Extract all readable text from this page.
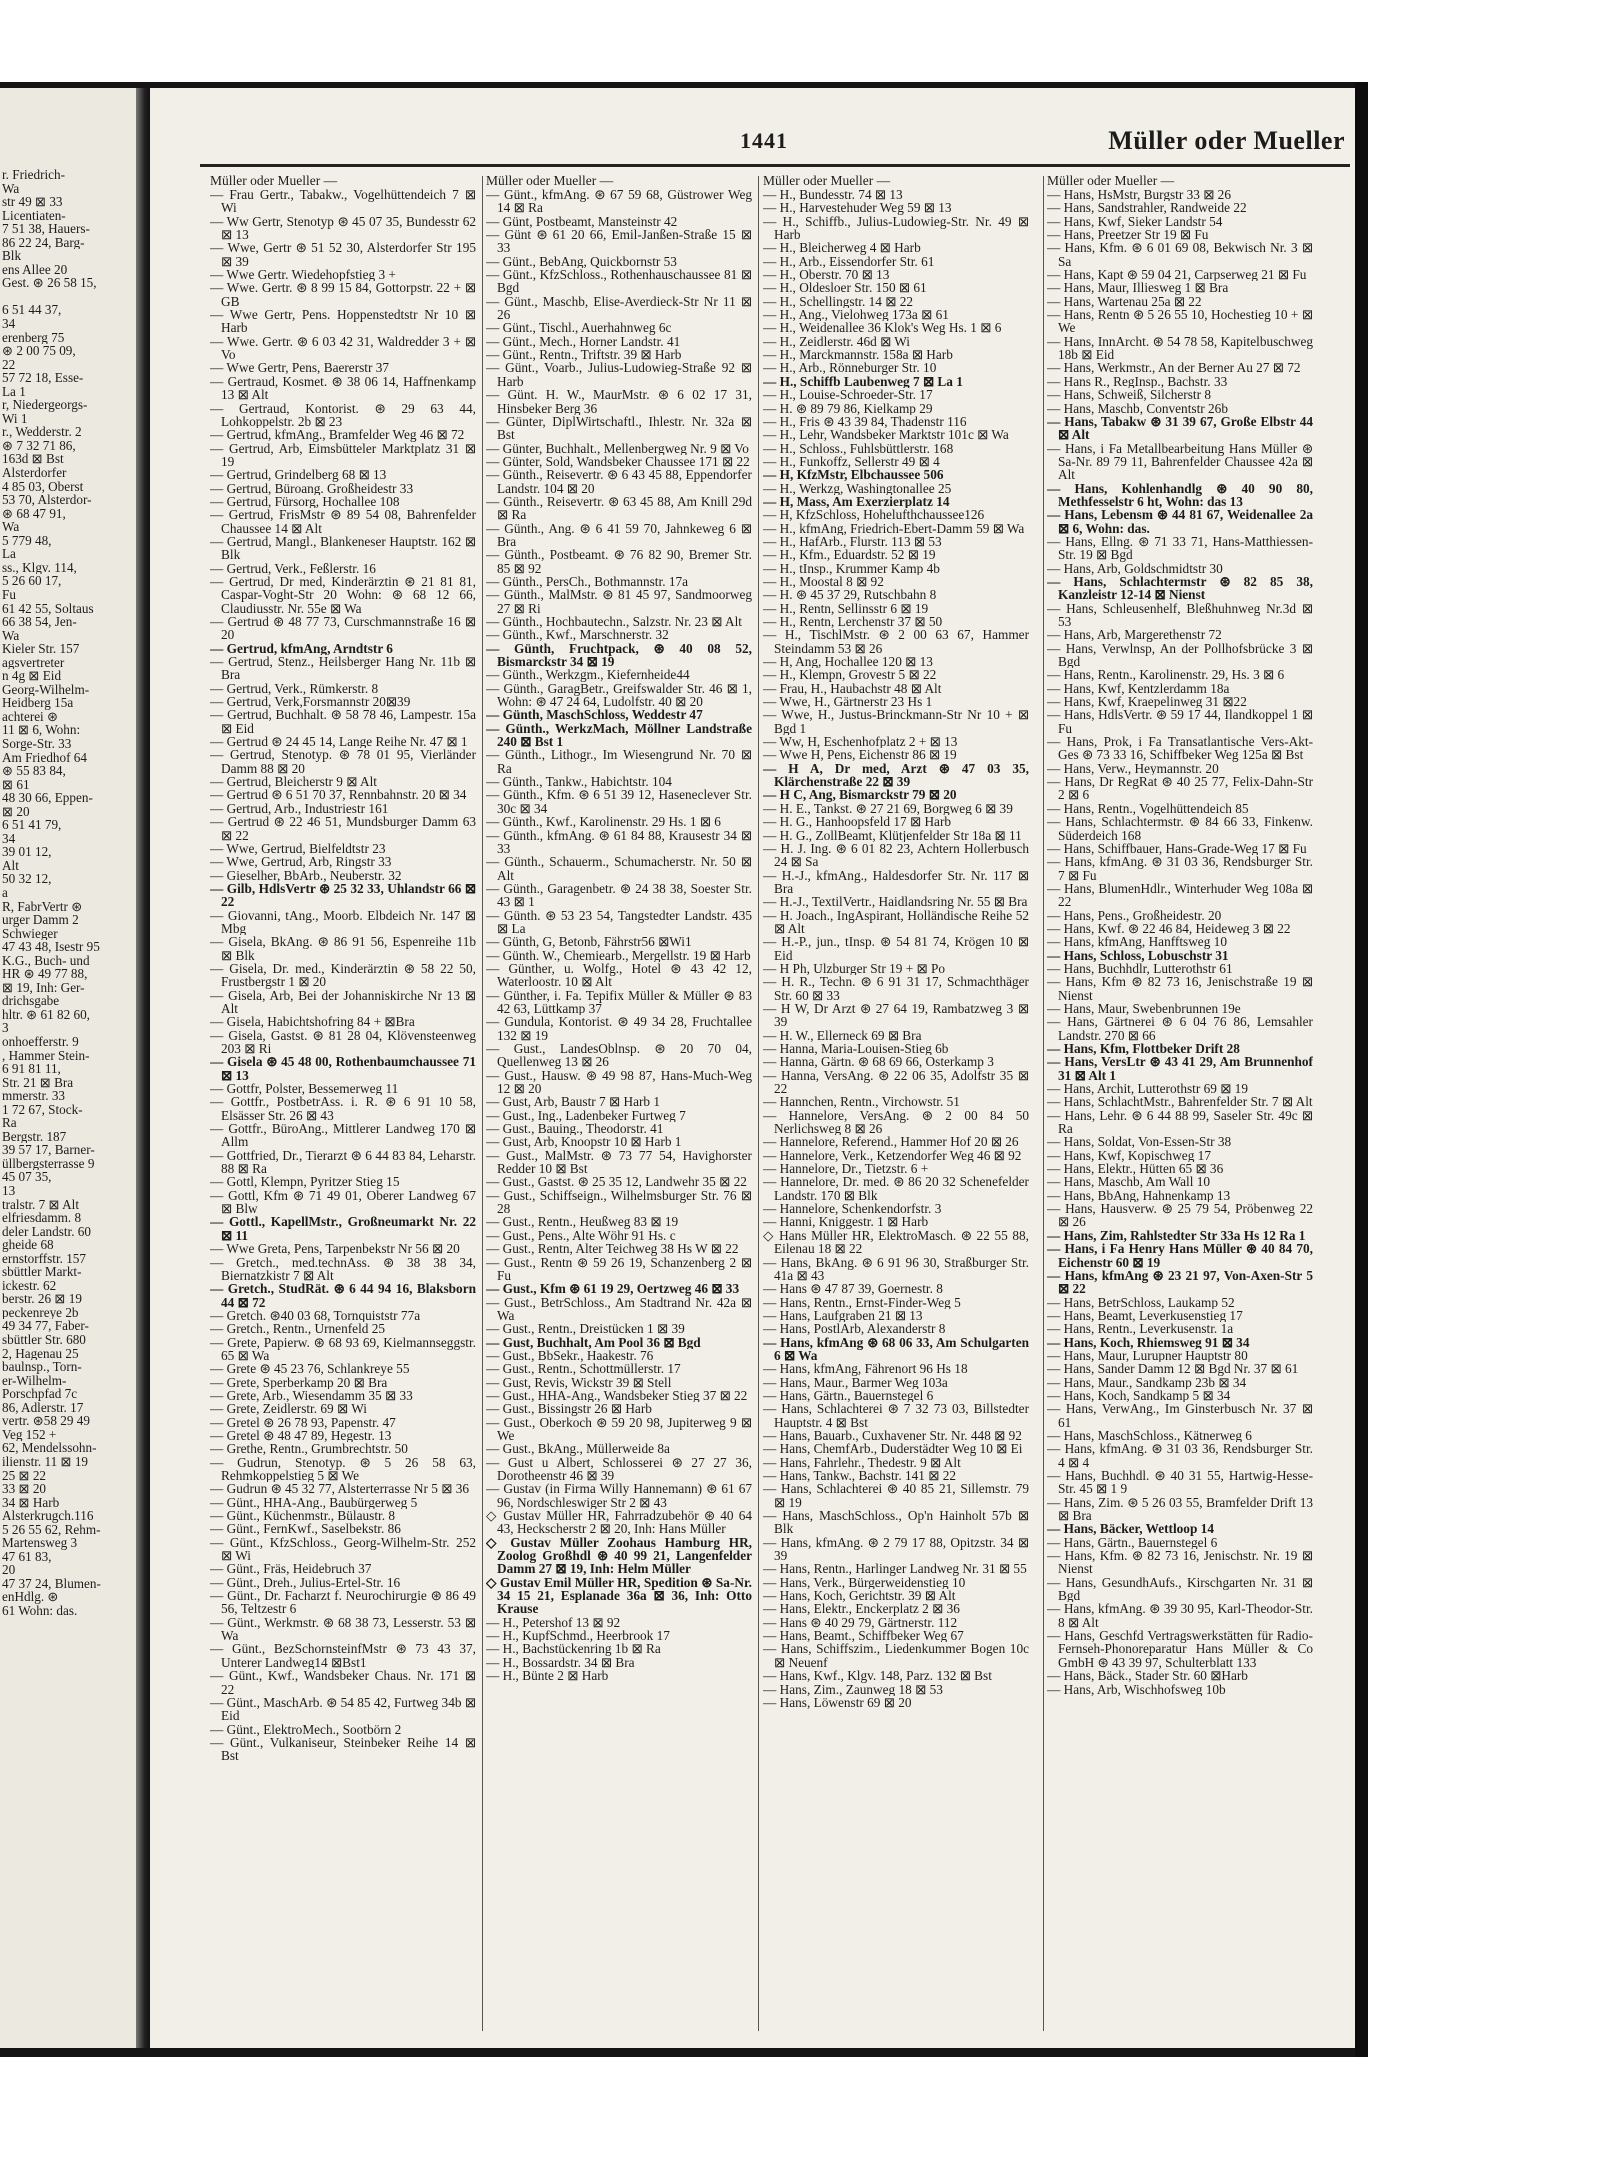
r. Friedrich-
Wa
str 49 ⊠ 33
Licentiaten-
7 51 38, Hauers-
86 22 24, Barg-
Blk
ens Allee 20
Gest. ⊛ 26 58 15,

6 51 44 37,
34
erenberg 75
⊛ 2 00 75 09,
22
57 72 18, Esse-
La 1
r, Niedergeorgs-
Wi 1
r., Wedderstr. 2
⊛ 7 32 71 86,
163d ⊠ Bst
Alsterdorfer
4 85 03, Oberst
53 70, Alsterdor-
⊛ 68 47 91,
Wa
5 779 48,
La
ss., Klgv. 114,
5 26 60 17,
Fu
61 42 55, Soltaus
66 38 54, Jen-
Wa
Kieler Str. 157
agsvertreter
n 4g ⊠ Eid
Georg-Wilhelm-
Heidberg 15a
achterei ⊛
11 ⊠ 6, Wohn:
Sorge-Str. 33
Am Friedhof 64
⊛ 55 83 84,
⊠ 61
48 30 66, Eppen-
⊠ 20
6 51 41 79,
34
39 01 12,
Alt
50 32 12,
a
R, FabrVertr ⊛
urger Damm 2
Schwieger
47 43 48, Isestr 95
K.G., Buch- und
HR ⊛ 49 77 88,
⊠ 19, Inh: Ger-
drichsgabe
hltr. ⊛ 61 82 60,
3
onhoefferstr. 9
, Hammer Stein-
6 91 81 11,
Str. 21 ⊠ Bra
mmerstr. 33
1 72 67, Stock-
Ra
Bergstr. 187
39 57 17, Barner-
üllbergsterrasse 9
45 07 35,
13
tralstr. 7 ⊠ Alt
elfriesdamm. 8
deler Landstr. 60
gheide 68
ernstorffstr. 157
sbüttler Markt-
ickestr. 62
berstr. 26 ⊠ 19
peckenreye 2b
49 34 77, Faber-
sbüttler Str. 680
2, Hagenau 25
baulnsp., Torn-
er-Wilhelm-
Porschpfad 7c
86, Adlerstr. 17
vertr. ⊛58 29 49
Veg 152 +
62, Mendelssohn-
ilienstr. 11 ⊠ 19
25 ⊠ 22
33 ⊠ 20
34 ⊠ Harb
Alsterkrugch.116
5 26 55 62, Rehm-
Martensweg 3
47 61 83,
20
47 37 24, Blumen-
enHdlg. ⊛
61 Wohn: das.
1441	Müller oder Mueller
Müller oder Mueller —
— Frau Gertr., Tabakw., Vogelhüttendeich 7 ⊠ Wi
— Ww Gertr, Stenotyp ⊛ 45 07 35, Bundesstr 62 ⊠ 13
— Wwe, Gertr ⊛ 51 52 30, Alsterdorfer Str 195 ⊠ 39
— Wwe Gertr. Wiedehopfstieg 3 +
— Wwe. Gertr. ⊛ 8 99 15 84, Gottorpstr. 22 + ⊠ GB
— Wwe Gertr, Pens. Hoppenstedtstr Nr 10 ⊠ Harb
— Wwe. Gertr. ⊛ 6 03 42 31, Waldredder 3 + ⊠ Vo
— Wwe Gertr, Pens, Baererstr 37
— Gertraud, Kosmet. ⊛ 38 06 14, Haffnenkamp 13 ⊠ Alt
— Gertraud, Kontorist. ⊛ 29 63 44, Lohkoppelstr. 2b ⊠ 23
— Gertrud, kfmAng., Bramfelder Weg 46 ⊠ 72
— Gertrud, Arb, Eimsbütteler Marktplatz 31 ⊠ 19
— Gertrud, Grindelberg 68 ⊠ 13
— Gertrud, Büroang. Großheidestr 33
— Gertrud, Fürsorg, Hochallee 108
— Gertrud, FrisMstr ⊛ 89 54 08, Bahrenfelder Chaussee 14 ⊠ Alt
— Gertrud, Mangl., Blankeneser Hauptstr. 162 ⊠ Blk
— Gertrud, Verk., Feßlerstr. 16
— Gertrud, Dr med, Kinderärztin ⊛ 21 81 81, Caspar-Voght-Str 20 Wohn: ⊛ 68 12 66, Claudiusstr. Nr. 55e ⊠ Wa
— Gertrud ⊛ 48 77 73, Curschmannstraße 16 ⊠ 20
— Gertrud, kfmAng, Arndtstr 6
— Gertrud, Stenz., Heilsberger Hang Nr. 11b ⊠ Bra
— Gertrud, Verk., Rümkerstr. 8
— Gertrud, Verk,Forsmannstr 20⊠39
— Gertrud, Buchhalt. ⊛ 58 78 46, Lampestr. 15a ⊠ Eid
— Gertrud ⊛ 24 45 14, Lange Reihe Nr. 47 ⊠ 1
— Gertrud, Stenotyp. ⊛ 78 01 95, Vierländer Damm 88 ⊠ 20
— Gertrud, Bleicherstr 9 ⊠ Alt
— Gertrud ⊛ 6 51 70 37, Rennbahnstr. 20 ⊠ 34
— Gertrud, Arb., Industriestr 161
— Gertrud ⊛ 22 46 51, Mundsburger Damm 63 ⊠ 22
— Wwe, Gertrud, Bielfeldtstr 23
— Wwe, Gertrud, Arb, Ringstr 33
— Gieselher, BbArb., Neuberstr. 32
— Gilb, HdlsVertr ⊛ 25 32 33, Uhlandstr 66 ⊠ 22
— Giovanni, tAng., Moorb. Elbdeich Nr. 147 ⊠ Mbg
— Gisela, BkAng. ⊛ 86 91 56, Espenreihe 11b ⊠ Blk
— Gisela, Dr. med., Kinderärztin ⊛ 58 22 50, Frustbergstr 1 ⊠ 20
— Gisela, Arb, Bei der Johanniskirche Nr 13 ⊠ Alt
— Gisela, Habichtshofring 84 + ⊠Bra
— Gisela, Gastst. ⊛ 81 28 04, Klövensteenweg 203 ⊠ Ri
— Gisela ⊛ 45 48 00, Rothenbaumchaussee 71 ⊠ 13
— Gottfr, Polster, Bessemerweg 11
— Gottfr., PostbetrAss. i. R. ⊛ 6 91 10 58, Elsässer Str. 26 ⊠ 43
— Gottfr., BüroAng., Mittlerer Landweg 170 ⊠ Allm
— Gottfried, Dr., Tierarzt ⊛ 6 44 83 84, Leharstr. 88 ⊠ Ra
— Gottl, Klempn, Pyritzer Stieg 15
— Gottl, Kfm ⊛ 71 49 01, Oberer Landweg 67 ⊠ Blw
— Gottl., KapellMstr., Großneumarkt Nr. 22 ⊠ 11
— Wwe Greta, Pens, Tarpenbekstr Nr 56 ⊠ 20
— Gretch., med.technAss. ⊛ 38 38 34, Biernatzkistr 7 ⊠ Alt
— Gretch., StudRät. ⊛ 6 44 94 16, Blaksborn 44 ⊠ 72
— Gretch. ⊛40 03 68, Tornquiststr 77a
— Gretch., Rentn., Urnenfeld 25
— Grete, Papierw. ⊛ 68 93 69, Kielmannseggstr. 65 ⊠ Wa
— Grete ⊛ 45 23 76, Schlankreye 55
— Grete, Sperberkamp 20 ⊠ Bra
— Grete, Arb., Wiesendamm 35 ⊠ 33
— Grete, Zeidlerstr. 69 ⊠ Wi
— Gretel ⊛ 26 78 93, Papenstr. 47
— Gretel ⊛ 48 47 89, Hegestr. 13
— Grethe, Rentn., Grumbrechtstr. 50
— Gudrun, Stenotyp. ⊛ 5 26 58 63, Rehmkoppelstieg 5 ⊠ We
— Gudrun ⊛ 45 32 77, Alsterterrasse Nr 5 ⊠ 36
— Günt., HHA-Ang., Baubürgerweg 5
— Günt., Küchenmstr., Bülaustr. 8
— Günt., FernKwf., Saselbekstr. 86
— Günt., KfzSchloss., Georg-Wilhelm-Str. 252 ⊠ Wi
— Günt., Fräs, Heidebruch 37
— Günt., Dreh., Julius-Ertel-Str. 16
— Günt., Dr. Facharzt f. Neurochirurgie ⊛ 86 49 56, Teltzestr 6
— Günt., Werkmstr. ⊛ 68 38 73, Lesserstr. 53 ⊠ Wa
— Günt., BezSchornsteinfMstr ⊛ 73 43 37, Unterer Landweg14 ⊠Bst1
— Günt., Kwf., Wandsbeker Chaus. Nr. 171 ⊠ 22
— Günt., MaschArb. ⊛ 54 85 42, Furtweg 34b ⊠ Eid
— Günt., ElektroMech., Sootbörn 2
— Günt., Vulkaniseur, Steinbeker Reihe 14 ⊠ Bst
Müller oder Mueller —
— Günt., kfmAng. ⊛ 67 59 68, Güstrower Weg 14 ⊠ Ra
— Günt, Postbeamt, Mansteinstr 42
— Günt ⊛ 61 20 66, Emil-Janßen-Straße 15 ⊠ 33
— Günt., BebAng, Quickbornstr 53
— Günt., KfzSchloss., Rothenhauschaussee 81 ⊠ Bgd
— Günt., Maschb, Elise-Averdieck-Str Nr 11 ⊠ 26
— Günt., Tischl., Auerhahnweg 6c
— Günt., Mech., Horner Landstr. 41
— Günt., Rentn., Triftstr. 39 ⊠ Harb
— Günt., Voarb., Julius-Ludowieg-Straße 92 ⊠ Harb
— Günt. H. W., MaurMstr. ⊛ 6 02 17 31, Hinsbeker Berg 36
— Günter, DiplWirtschaftl., Ihlestr. Nr. 32a ⊠ Bst
— Günter, Buchhalt., Mellenbergweg Nr. 9 ⊠ Vo
— Günter, Sold, Wandsbeker Chaussee 171 ⊠ 22
— Günth., Reisevertr. ⊛ 6 43 45 88, Eppendorfer Landstr. 104 ⊠ 20
— Günth., Reisevertr. ⊛ 63 45 88, Am Knill 29d ⊠ Ra
— Günth., Ang. ⊛ 6 41 59 70, Jahnkeweg 6 ⊠ Bra
— Günth., Postbeamt. ⊛ 76 82 90, Bremer Str. 85 ⊠ 92
— Günth., PersCh., Bothmannstr. 17a
— Günth., MalMstr. ⊛ 81 45 97, Sandmoorweg 27 ⊠ Ri
— Günth., Hochbautechn., Salzstr. Nr. 23 ⊠ Alt
— Günth., Kwf., Marschnerstr. 32
— Günth, Fruchtpack, ⊛ 40 08 52, Bismarckstr 34 ⊠ 19
— Günth., Werkzgm., Kiefernheide44
— Günth., GaragBetr., Greifswalder Str. 46 ⊠ 1, Wohn: ⊛ 47 24 64, Ludolfstr. 40 ⊠ 20
— Günth, MaschSchloss, Weddestr 47
— Günth., WerkzMach, Möllner Landstraße 240 ⊠ Bst 1
— Günth., Lithogr., Im Wiesengrund Nr. 70 ⊠ Ra
— Günth., Tankw., Habichtstr. 104
— Günth., Kfm. ⊛ 6 51 39 12, Haseneclever Str. 30c ⊠ 34
— Günth., Kwf., Karolinenstr. 29 Hs. 1 ⊠ 6
— Günth., kfmAng. ⊛ 61 84 88, Krausestr 34 ⊠ 33
— Günth., Schauerm., Schumacherstr. Nr. 50 ⊠ Alt
— Günth., Garagenbetr. ⊛ 24 38 38, Soester Str. 43 ⊠ 1
— Günth. ⊛ 53 23 54, Tangstedter Landstr. 435 ⊠ La
— Günth, G, Betonb, Fährstr56 ⊠Wi1
— Günth. W., Chemiearb., Mergellstr. 19 ⊠ Harb
— Günther, u. Wolfg., Hotel ⊛ 43 42 12, Waterloostr. 10 ⊠ Alt
— Günther, i. Fa. Tepifix Müller & Müller ⊛ 83 42 63, Lüttkamp 37
— Gundula, Kontorist. ⊛ 49 34 28, Fruchtallee 132 ⊠ 19
— Gust., LandesOblnsp. ⊛ 20 70 04, Quellenweg 13 ⊠ 26
— Gust., Hausw. ⊛ 49 98 87, Hans-Much-Weg 12 ⊠ 20
— Gust, Arb, Baustr 7 ⊠ Harb 1
— Gust., Ing., Ladenbeker Furtweg 7
— Gust., Bauing., Theodorstr. 41
— Gust, Arb, Knoopstr 10 ⊠ Harb 1
— Gust., MalMstr. ⊛ 73 77 54, Havighorster Redder 10 ⊠ Bst
— Gust., Gastst. ⊛ 25 35 12, Landwehr 35 ⊠ 22
— Gust., Schiffseign., Wilhelmsburger Str. 76 ⊠ 28
— Gust., Rentn., Heußweg 83 ⊠ 19
— Gust., Pens., Alte Wöhr 91 Hs. c
— Gust., Rentn, Alter Teichweg 38 Hs W ⊠ 22
— Gust., Rentn ⊛ 59 26 19, Schanzenberg 2 ⊠ Fu
— Gust., Kfm ⊛ 61 19 29, Oertzweg 46 ⊠ 33
— Gust., BetrSchloss., Am Stadtrand Nr. 42a ⊠ Wa
— Gust., Rentn., Dreistücken 1 ⊠ 39
— Gust, Buchhalt, Am Pool 36 ⊠ Bgd
— Gust., BbSekr., Haakestr. 76
— Gust., Rentn., Schottmüllerstr. 17
— Gust, Revis, Wickstr 39 ⊠ Stell
— Gust., HHA-Ang., Wandsbeker Stieg 37 ⊠ 22
— Gust., Bissingstr 26 ⊠ Harb
— Gust., Oberkoch ⊛ 59 20 98, Jupiterweg 9 ⊠ We
— Gust., BkAng., Müllerweide 8a
— Gust u Albert, Schlosserei ⊛ 27 27 36, Dorotheenstr 46 ⊠ 39
— Gustav (in Firma Willy Hannemann) ⊛ 61 67 96, Nordschleswiger Str 2 ⊠ 43
◇ Gustav Müller HR, Fahrradzubehör ⊛ 40 64 43, Heckscherstr 2 ⊠ 20, Inh: Hans Müller
◇ Gustav Müller Zoohaus Hamburg HR, Zoolog Großhdl ⊛ 40 99 21, Langenfelder Damm 27 ⊠ 19, Inh: Helm Müller
◇ Gustav Emil Müller HR, Spedition ⊛ Sa-Nr. 34 15 21, Esplanade 36a ⊠ 36, Inh: Otto Krause
— H., Petershof 13 ⊠ 92
— H., KupfSchmd., Heerbrook 17
— H., Bachstückenring 1b ⊠ Ra
— H., Bossardstr. 34 ⊠ Bra
— H., Bünte 2 ⊠ Harb
Müller oder Mueller —
— H., Bundesstr. 74 ⊠ 13
— H., Harvestehuder Weg 59 ⊠ 13
— H., Schiffb., Julius-Ludowieg-Str. Nr. 49 ⊠ Harb
— H., Bleicherweg 4 ⊠ Harb
— H., Arb., Eissendorfer Str. 61
— H., Oberstr. 70 ⊠ 13
— H., Oldesloer Str. 150 ⊠ 61
— H., Schellingstr. 14 ⊠ 22
— H., Ang., Vielohweg 173a ⊠ 61
— H., Weidenallee 36 Klok's Weg Hs. 1 ⊠ 6
— H., Zeidlerstr. 46d ⊠ Wi
— H., Marckmannstr. 158a ⊠ Harb
— H., Arb., Rönneburger Str. 10
— H., Schiffb Laubenweg 7 ⊠ La 1
— H., Louise-Schroeder-Str. 17
— H. ⊛ 89 79 86, Kielkamp 29
— H., Fris ⊛ 43 39 84, Thadenstr 116
— H., Lehr, Wandsbeker Marktstr 101c ⊠ Wa
— H., Schloss., Fuhlsbüttlerstr. 168
— H., Funkoffz, Sellerstr 49 ⊠ 4
— H, KfzMstr, Elbchaussee 506
— H., Werkzg, Washingtonallee 25
— H, Mass, Am Exerzierplatz 14
— H, KfzSchloss, Hohelufthchaussee126
— H., kfmAng, Friedrich-Ebert-Damm 59 ⊠ Wa
— H., HafArb., Flurstr. 113 ⊠ 53
— H., Kfm., Eduardstr. 52 ⊠ 19
— H., tInsp., Krummer Kamp 4b
— H., Moostal 8 ⊠ 92
— H. ⊛ 45 37 29, Rutschbahn 8
— H., Rentn, Sellinsstr 6 ⊠ 19
— H., Rentn, Lerchenstr 37 ⊠ 50
— H., TischlMstr. ⊛ 2 00 63 67, Hammer Steindamm 53 ⊠ 26
— H, Ang, Hochallee 120 ⊠ 13
— H., Klempn, Grovestr 5 ⊠ 22
— Frau, H., Haubachstr 48 ⊠ Alt
— Wwe, H., Gärtnerstr 23 Hs 1
— Wwe, H., Justus-Brinckmann-Str Nr 10 + ⊠ Bgd 1
— Ww, H, Eschenhofplatz 2 + ⊠ 13
— Wwe H, Pens, Eichenstr 86 ⊠ 19
— H A, Dr med, Arzt ⊛ 47 03 35, Klärchenstraße 22 ⊠ 39
— H C, Ang, Bismarckstr 79 ⊠ 20
— H. E., Tankst. ⊛ 27 21 69, Borgweg 6 ⊠ 39
— H. G., Hanhoopsfeld 17 ⊠ Harb
— H. G., ZollBeamt, Klütjenfelder Str 18a ⊠ 11
— H. J. Ing. ⊛ 6 01 82 23, Achtern Hollerbusch 24 ⊠ Sa
— H.-J., kfmAng., Haldesdorfer Str. Nr. 117 ⊠ Bra
— H.-J., TextilVertr., Haidlandsring Nr. 55 ⊠ Bra
— H. Joach., IngAspirant, Holländische Reihe 52 ⊠ Alt
— H.-P., jun., tInsp. ⊛ 54 81 74, Krögen 10 ⊠ Eid
— H Ph, Ulzburger Str 19 + ⊠ Po
— H. R., Techn. ⊛ 6 91 31 17, Schmachthäger Str. 60 ⊠ 33
— H W, Dr Arzt ⊛ 27 64 19, Rambatzweg 3 ⊠ 39
— H. W., Ellerneck 69 ⊠ Bra
— Hanna, Maria-Louisen-Stieg 6b
— Hanna, Gärtn. ⊛ 68 69 66, Osterkamp 3
— Hanna, VersAng. ⊛ 22 06 35, Adolfstr 35 ⊠ 22
— Hannchen, Rentn., Virchowstr. 51
— Hannelore, VersAng. ⊛ 2 00 84 50 Nerlichsweg 8 ⊠ 26
— Hannelore, Referend., Hammer Hof 20 ⊠ 26
— Hannelore, Verk., Ketzendorfer Weg 46 ⊠ 92
— Hannelore, Dr., Tietzstr. 6 +
— Hannelore, Dr. med. ⊛ 86 20 32 Schenefelder Landstr. 170 ⊠ Blk
— Hannelore, Schenkendorfstr. 3
— Hanni, Kniggestr. 1 ⊠ Harb
◇ Hans Müller HR, ElektroMasch. ⊛ 22 55 88, Eilenau 18 ⊠ 22
— Hans, BkAng. ⊛ 6 91 96 30, Straßburger Str. 41a ⊠ 43
— Hans ⊛ 47 87 39, Goernestr. 8
— Hans, Rentn., Ernst-Finder-Weg 5
— Hans, Laufgraben 21 ⊠ 13
— Hans, PostlArb, Alexanderstr 8
— Hans, kfmAng ⊛ 68 06 33, Am Schulgarten 6 ⊠ Wa
— Hans, kfmAng, Fährenort 96 Hs 18
— Hans, Maur., Barmer Weg 103a
— Hans, Gärtn., Bauernstegel 6
— Hans, Schlachterei ⊛ 7 32 73 03, Billstedter Hauptstr. 4 ⊠ Bst
— Hans, Bauarb., Cuxhavener Str. Nr. 448 ⊠ 92
— Hans, ChemfArb., Duderstädter Weg 10 ⊠ Ei
— Hans, Fahrlehr., Thedestr. 9 ⊠ Alt
— Hans, Tankw., Bachstr. 141 ⊠ 22
— Hans, Schlachterei ⊛ 40 85 21, Sillemstr. 79 ⊠ 19
— Hans, MaschSchloss., Op'n Hainholt 57b ⊠ Blk
— Hans, kfmAng. ⊛ 2 79 17 88, Opitzstr. 34 ⊠ 39
— Hans, Rentn., Harlinger Landweg Nr. 31 ⊠ 55
— Hans, Verk., Bürgerweidenstieg 10
— Hans, Koch, Gerichtstr. 39 ⊠ Alt
— Hans, Elektr., Enckerplatz 2 ⊠ 36
— Hans ⊛ 40 29 79, Gärtnerstr. 112
— Hans, Beamt., Schiffbeker Weg 67
— Hans, Schiffszim., Liedenkummer Bogen 10c ⊠ Neuenf
— Hans, Kwf., Klgv. 148, Parz. 132 ⊠ Bst
— Hans, Zim., Zaunweg 18 ⊠ 53
— Hans, Löwenstr 69 ⊠ 20
Müller oder Mueller —
— Hans, HsMstr, Burgstr 33 ⊠ 26
— Hans, Sandstrahler, Randweide 22
— Hans, Kwf, Sieker Landstr 54
— Hans, Preetzer Str 19 ⊠ Fu
— Hans, Kfm. ⊛ 6 01 69 08, Bekwisch Nr. 3 ⊠ Sa
— Hans, Kapt ⊛ 59 04 21, Carpserweg 21 ⊠ Fu
— Hans, Maur, Illiesweg 1 ⊠ Bra
— Hans, Wartenau 25a ⊠ 22
— Hans, Rentn ⊛ 5 26 55 10, Hochestieg 10 + ⊠ We
— Hans, InnArcht. ⊛ 54 78 58, Kapitelbuschweg 18b ⊠ Eid
— Hans, Werkmstr., An der Berner Au 27 ⊠ 72
— Hans R., RegInsp., Bachstr. 33
— Hans, Schweiß, Silcherstr 8
— Hans, Maschb, Conventstr 26b
— Hans, Tabakw ⊛ 31 39 67, Große Elbstr 44 ⊠ Alt
— Hans, i Fa Metallbearbeitung Hans Müller ⊛ Sa-Nr. 89 79 11, Bahrenfelder Chaussee 42a ⊠ Alt
— Hans, Kohlenhandlg ⊛ 40 90 80, Methfesselstr 6 ht, Wohn: das 13
— Hans, Lebensm ⊛ 44 81 67, Weidenallee 2a ⊠ 6, Wohn: das.
— Hans, Ellng. ⊛ 71 33 71, Hans-Matthiessen-Str. 19 ⊠ Bgd
— Hans, Arb, Goldschmidtstr 30
— Hans, Schlachtermstr ⊛ 82 85 38, Kanzleistr 12-14 ⊠ Nienst
— Hans, Schleusenhelf, Bleßhuhnweg Nr.3d ⊠ 53
— Hans, Arb, Margerethenstr 72
— Hans, Verwlnsp, An der Pollhofsbrücke 3 ⊠ Bgd
— Hans, Rentn., Karolinenstr. 29, Hs. 3 ⊠ 6
— Hans, Kwf, Kentzlerdamm 18a
— Hans, Kwf, Kraepelinweg 31 ⊠22
— Hans, HdlsVertr. ⊛ 59 17 44, Ilandkoppel 1 ⊠ Fu
— Hans, Prok, i Fa Transatlantische Vers-Akt-Ges ⊛ 73 33 16, Schiffbeker Weg 125a ⊠ Bst
— Hans, Verw., Heymannstr. 20
— Hans, Dr RegRat ⊛ 40 25 77, Felix-Dahn-Str 2 ⊠ 6
— Hans, Rentn., Vogelhüttendeich 85
— Hans, Schlachtermstr. ⊛ 84 66 33, Finkenw. Süderdeich 168
— Hans, Schiffbauer, Hans-Grade-Weg 17 ⊠ Fu
— Hans, kfmAng. ⊛ 31 03 36, Rendsburger Str. 7 ⊠ Fu
— Hans, BlumenHdlr., Winterhuder Weg 108a ⊠ 22
— Hans, Pens., Großheidestr. 20
— Hans, Kwf. ⊛ 22 46 84, Heideweg 3 ⊠ 22
— Hans, kfmAng, Hanfftsweg 10
— Hans, Schloss, Lobuschstr 31
— Hans, Buchhdlr, Lutterothstr 61
— Hans, Kfm ⊛ 82 73 16, Jenischstraße 19 ⊠ Nienst
— Hans, Maur, Swebenbrunnen 19e
— Hans, Gärtnerei ⊛ 6 04 76 86, Lemsahler Landstr. 270 ⊠ 66
— Hans, Kfm, Flottbeker Drift 28
— Hans, VersLtr ⊛ 43 41 29, Am Brunnenhof 31 ⊠ Alt 1
— Hans, Archit, Lutterothstr 69 ⊠ 19
— Hans, SchlachtMstr., Bahrenfelder Str. 7 ⊠ Alt
— Hans, Lehr. ⊛ 6 44 88 99, Saseler Str. 49c ⊠ Ra
— Hans, Soldat, Von-Essen-Str 38
— Hans, Kwf, Kopischweg 17
— Hans, Elektr., Hütten 65 ⊠ 36
— Hans, Maschb, Am Wall 10
— Hans, BbAng, Hahnenkamp 13
— Hans, Hausverw. ⊛ 25 79 54, Pröbenweg 22 ⊠ 26
— Hans, Zim, Rahlstedter Str 33a Hs 12 Ra 1
— Hans, i Fa Henry Hans Müller ⊛ 40 84 70, Eichenstr 60 ⊠ 19
— Hans, kfmAng ⊛ 23 21 97, Von-Axen-Str 5 ⊠ 22
— Hans, BetrSchloss, Laukamp 52
— Hans, Beamt, Leverkusenstieg 17
— Hans, Rentn., Leverkusenstr. 1a
— Hans, Koch, Rhiemsweg 91 ⊠ 34
— Hans, Maur, Lurupner Hauptstr 80
— Hans, Sander Damm 12 ⊠ Bgd Nr. 37 ⊠ 61
— Hans, Maur., Sandkamp 23b ⊠ 34
— Hans, Koch, Sandkamp 5 ⊠ 34
— Hans, VerwAng., Im Ginsterbusch Nr. 37 ⊠ 61
— Hans, MaschSchloss., Kätnerweg 6
— Hans, kfmAng. ⊛ 31 03 36, Rendsburger Str. 4 ⊠ 4
— Hans, Buchhdl. ⊛ 40 31 55, Hartwig-Hesse-Str. 45 ⊠ 1 9
— Hans, Zim. ⊛ 5 26 03 55, Bramfelder Drift 13 ⊠ Bra
— Hans, Bäcker, Wettloop 14
— Hans, Gärtn., Bauernstegel 6
— Hans, Kfm. ⊛ 82 73 16, Jenischstr. Nr. 19 ⊠ Nienst
— Hans, GesundhAufs., Kirschgarten Nr. 31 ⊠ Bgd
— Hans, kfmAng. ⊛ 39 30 95, Karl-Theodor-Str. 8 ⊠ Alt
— Hans, Geschfd Vertragswerkstätten für Radio-Fernseh-Phonoreparatur Hans Müller & Co GmbH ⊛ 43 39 97, Schulterblatt 133
— Hans, Bäck., Stader Str. 60 ⊠Harb
— Hans, Arb, Wischhofsweg 10b
